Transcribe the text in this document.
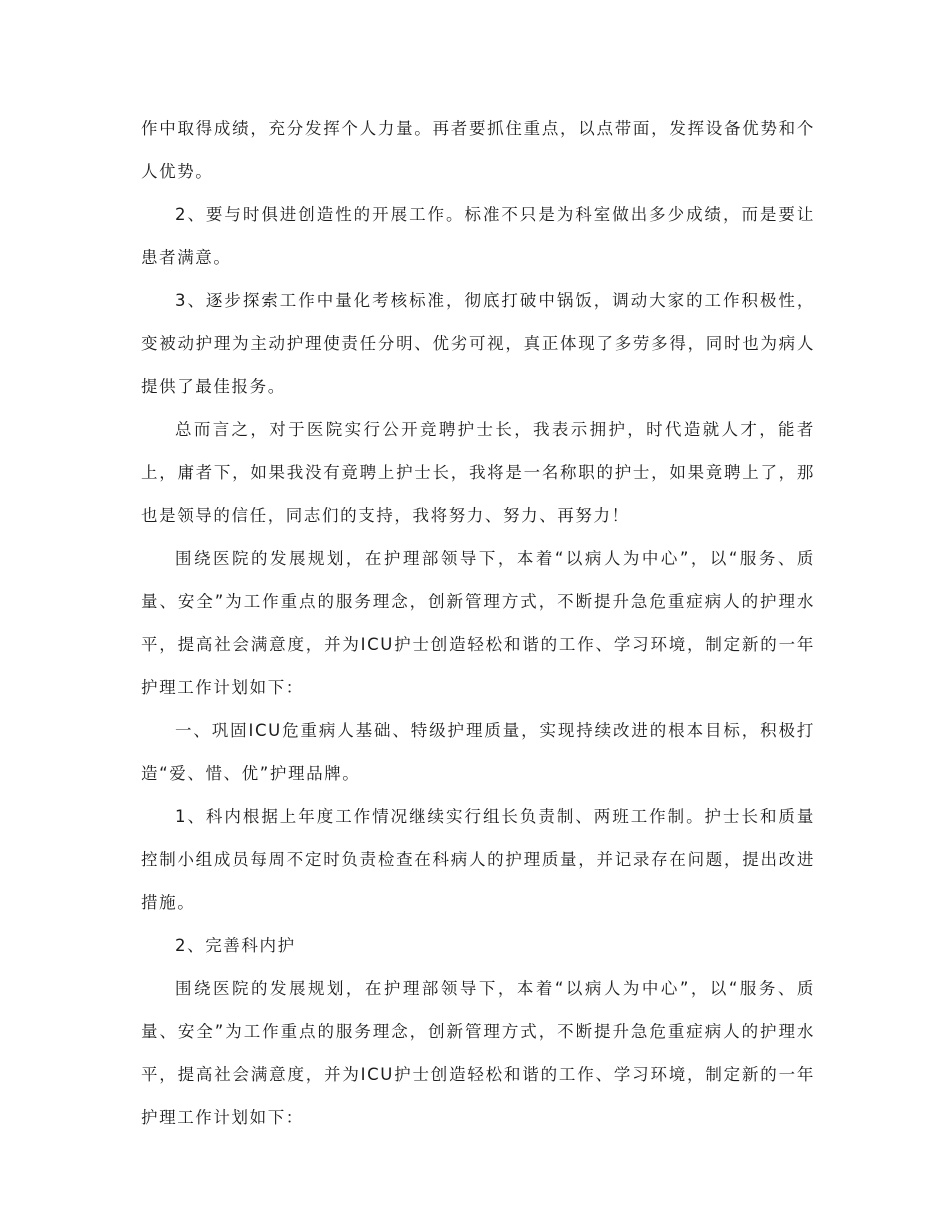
作中取得成绩，充分发挥个人力量。再者要抓住重点，以点带面，发挥设备优势和个人优势。

2、要与时俱进创造性的开展工作。标准不只是为科室做出多少成绩，而是要让患者满意。

3、逐步探索工作中量化考核标准，彻底打破中锅饭，调动大家的工作积极性，变被动护理为主动护理使责任分明、优劣可视，真正体现了多劳多得，同时也为病人提供了最佳报务。

总而言之，对于医院实行公开竞聘护士长，我表示拥护，时代造就人才，能者上，庸者下，如果我没有竟聘上护士长，我将是一名称职的护士，如果竟聘上了，那也是领导的信任，同志们的支持，我将努力、努力、再努力！

围绕医院的发展规划，在护理部领导下，本着“以病人为中心”，以“服务、质量、安全”为工作重点的服务理念，创新管理方式，不断提升急危重症病人的护理水平，提高社会满意度，并为ICU护士创造轻松和谐的工作、学习环境，制定新的一年护理工作计划如下：

一、巩固ICU危重病人基础、特级护理质量，实现持续改进的根本目标，积极打造“爱、惜、优”护理品牌。

1、科内根据上年度工作情况继续实行组长负责制、两班工作制。护士长和质量控制小组成员每周不定时负责检查在科病人的护理质量，并记录存在问题，提出改进措施。

2、完善科内护

围绕医院的发展规划，在护理部领导下，本着“以病人为中心”，以“服务、质量、安全”为工作重点的服务理念，创新管理方式，不断提升急危重症病人的护理水平，提高社会满意度，并为ICU护士创造轻松和谐的工作、学习环境，制定新的一年护理工作计划如下：
